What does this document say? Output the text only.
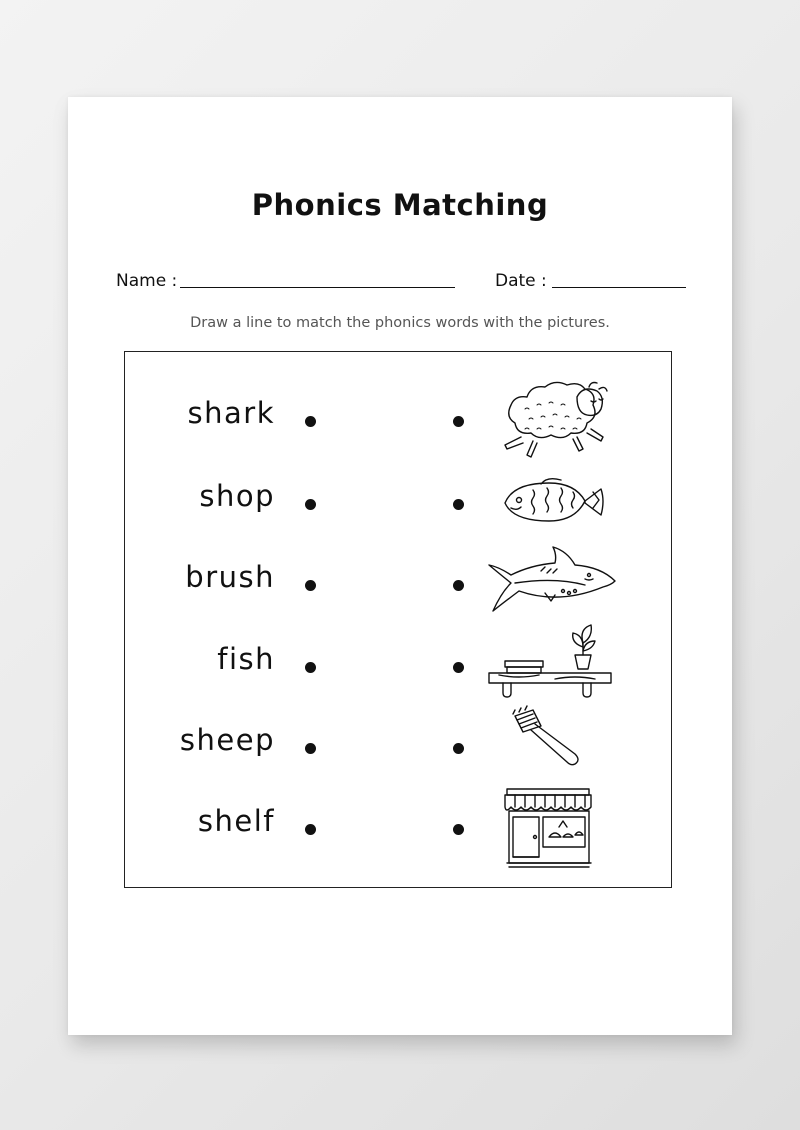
Phonics Matching
Name :	Date :
Draw a line to match the phonics words with the pictures.
shark
shop
brush
fish
sheep
shelf
